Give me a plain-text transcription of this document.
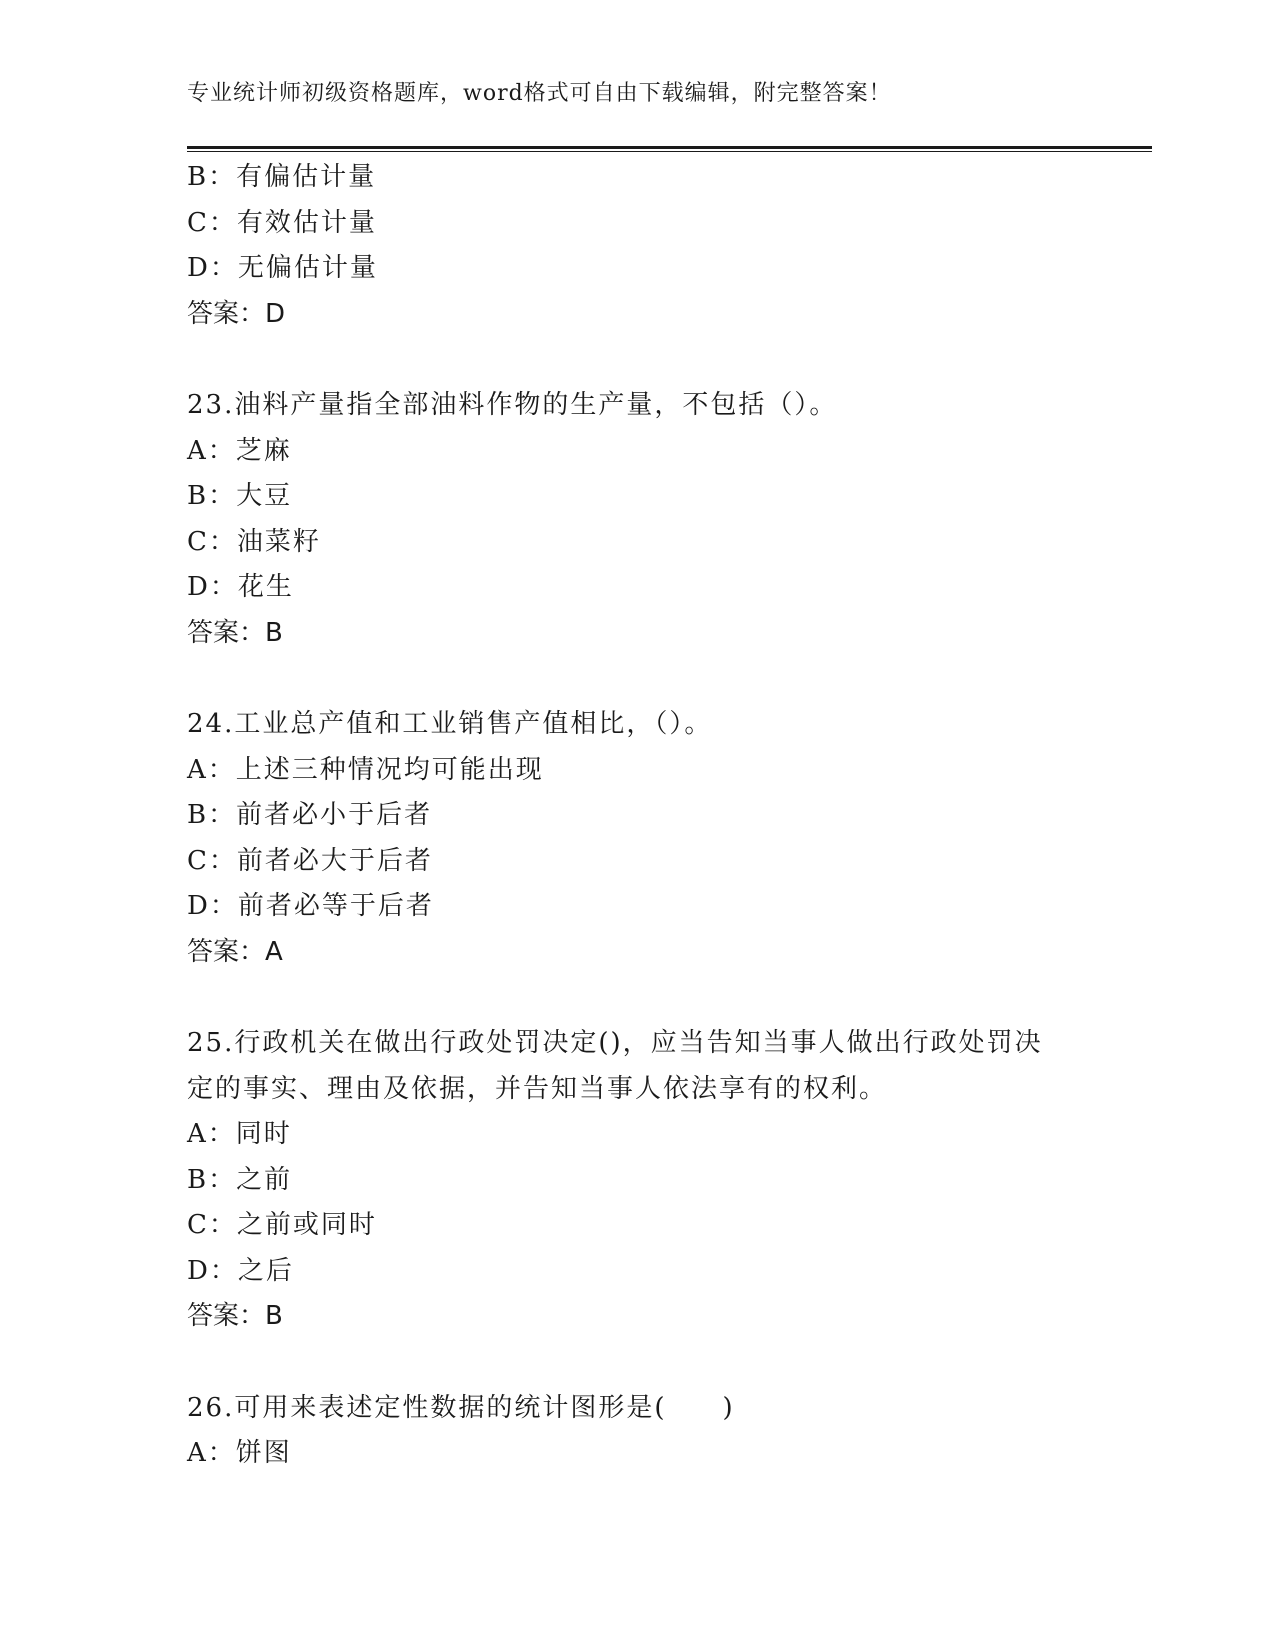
专业统计师初级资格题库，word格式可自由下载编辑，附完整答案！
B：有偏估计量
C：有效估计量
D：无偏估计量
答案：D
23.油料产量指全部油料作物的生产量，不包括（）。
A：芝麻
B：大豆
C：油菜籽
D：花生
答案：B
24.工业总产值和工业销售产值相比，（）。
A：上述三种情况均可能出现
B：前者必小于后者
C：前者必大于后者
D：前者必等于后者
答案：A
25.行政机关在做出行政处罚决定()，应当告知当事人做出行政处罚决
定的事实、理由及依据，并告知当事人依法享有的权利。
A：同时
B：之前
C：之前或同时
D：之后
答案：B
26.可用来表述定性数据的统计图形是(　　)
A：饼图
